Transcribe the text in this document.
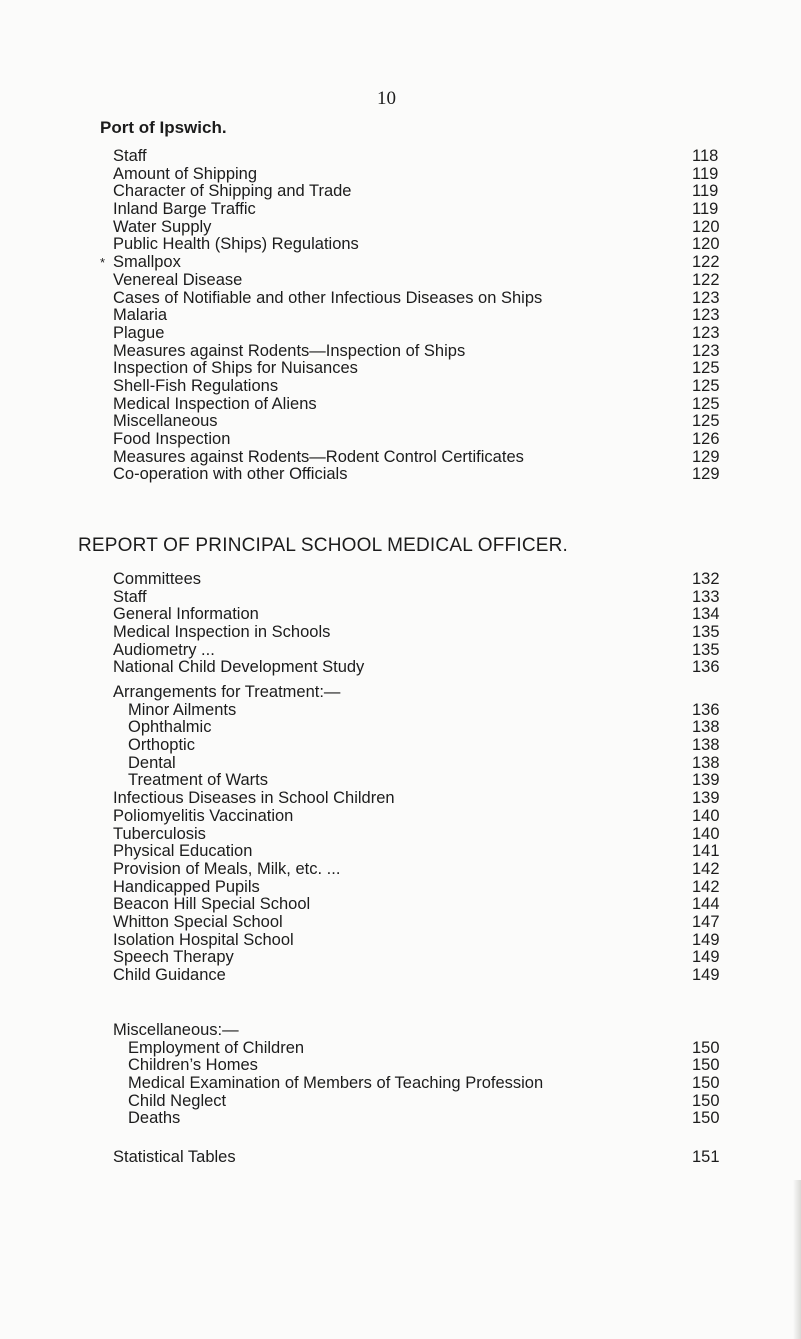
10
Port of Ipswich.
Staff	118
Amount of Shipping	119
Character of Shipping and Trade	119
Inland Barge Traffic	119
Water Supply	120
Public Health (Ships) Regulations	120
* Smallpox	122
Venereal Disease	122
Cases of Notifiable and other Infectious Diseases on Ships	123
Malaria	123
Plague	123
Measures against Rodents—Inspection of Ships	123
Inspection of Ships for Nuisances	125
Shell-Fish Regulations	125
Medical Inspection of Aliens	125
Miscellaneous	125
Food Inspection	126
Measures against Rodents—Rodent Control Certificates	129
Co-operation with other Officials	129
REPORT OF PRINCIPAL SCHOOL MEDICAL OFFICER.
Committees	132
Staff	133
General Information	134
Medical Inspection in Schools	135
Audiometry ...	135
National Child Development Study	136
Arrangements for Treatment:—
Minor Ailments	136
Ophthalmic	138
Orthoptic	138
Dental	138
Treatment of Warts	139
Infectious Diseases in School Children	139
Poliomyelitis Vaccination	140
Tuberculosis	140
Physical Education	141
Provision of Meals, Milk, etc. ...	142
Handicapped Pupils	142
Beacon Hill Special School	144
Whitton Special School	147
Isolation Hospital School	149
Speech Therapy	149
Child Guidance	149
Miscellaneous:—
Employment of Children	150
Children’s Homes	150
Medical Examination of Members of Teaching Profession	150
Child Neglect	150
Deaths	150
Statistical Tables	151
